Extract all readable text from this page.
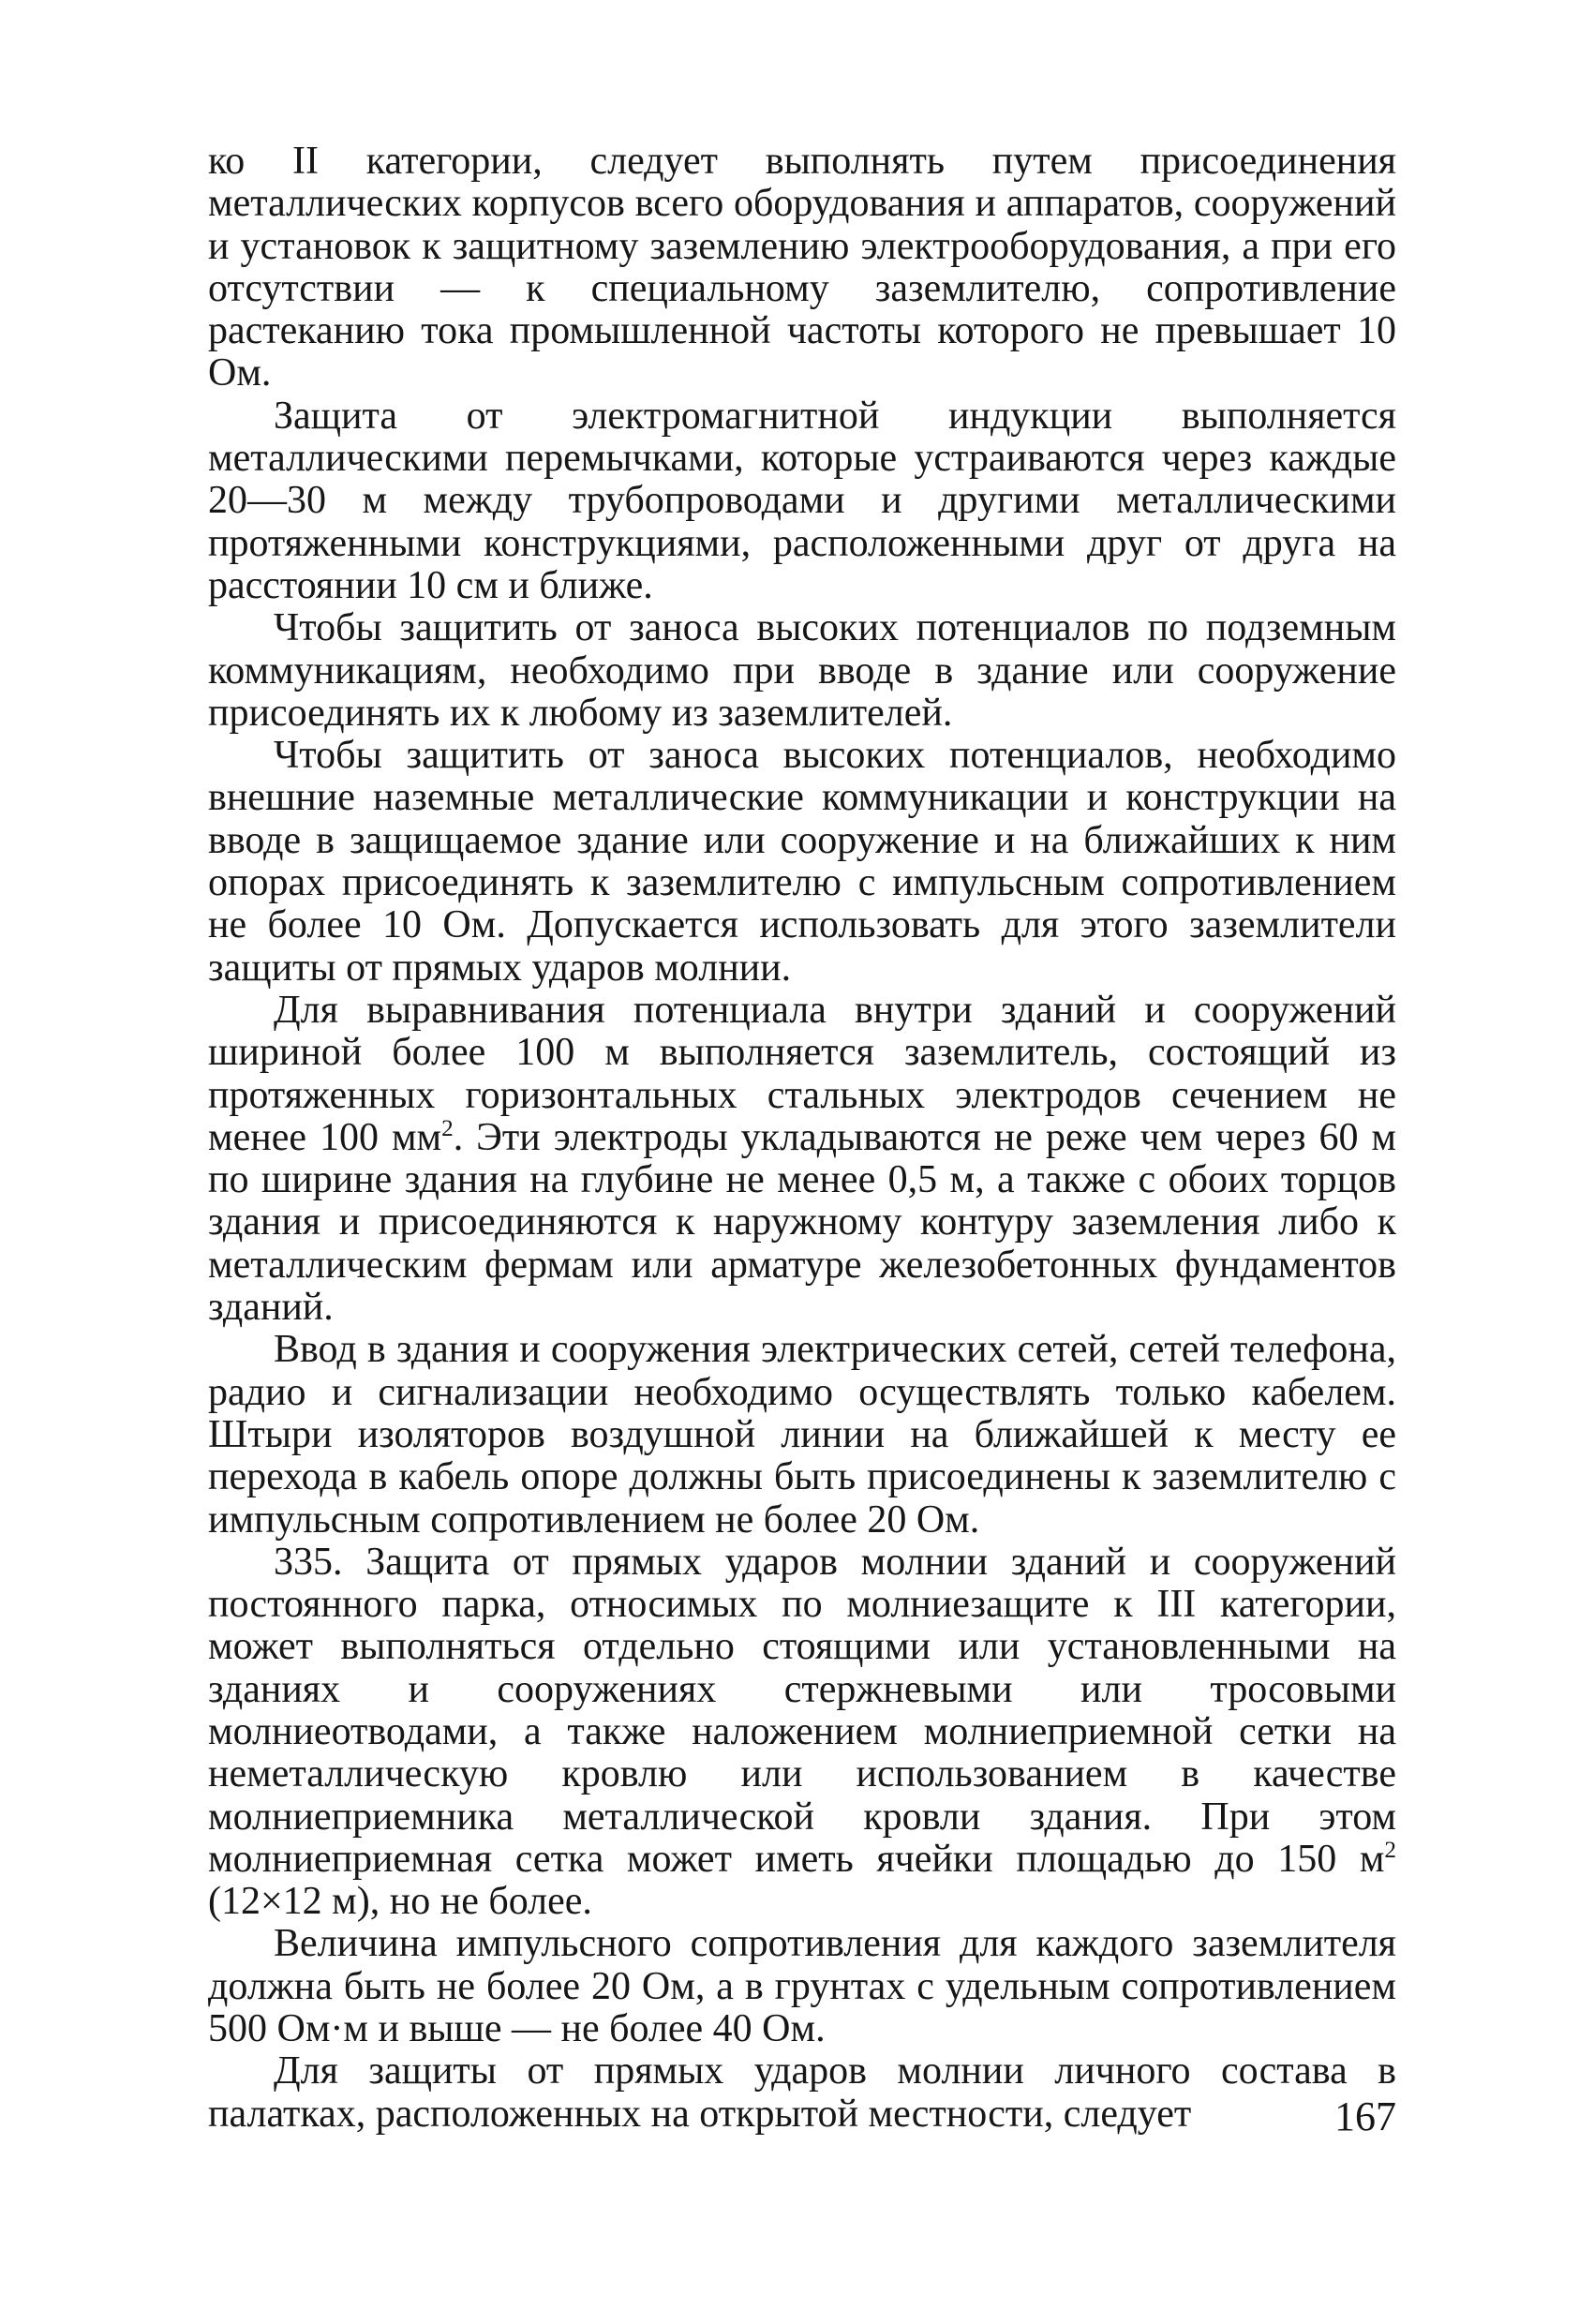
ко II категории, следует выполнять путем присоединения металлических корпусов всего оборудования и аппаратов, сооружений и установок к защитному заземлению электрооборудования, а при его отсутствии — к специальному заземлителю, сопротивление растеканию тока промышленной частоты которого не превышает 10 Ом.

Защита от электромагнитной индукции выполняется металлическими перемычками, которые устраиваются через каждые 20—30 м между трубопроводами и другими металлическими протяженными конструкциями, расположенными друг от друга на расстоянии 10 см и ближе.

Чтобы защитить от заноса высоких потенциалов по подземным коммуникациям, необходимо при вводе в здание или сооружение присоединять их к любому из заземлителей.

Чтобы защитить от заноса высоких потенциалов, необходимо внешние наземные металлические коммуникации и конструкции на вводе в защищаемое здание или сооружение и на ближайших к ним опорах присоединять к заземлителю с импульсным сопротивлением не более 10 Ом. Допускается использовать для этого заземлители защиты от прямых ударов молнии.

Для выравнивания потенциала внутри зданий и сооружений шириной более 100 м выполняется заземлитель, состоящий из протяженных горизонтальных стальных электродов сечением не менее 100 $мм^2$. Эти электроды укладываются не реже чем через 60 м по ширине здания на глубине не менее 0,5 м, а также с обоих торцов здания и присоединяются к наружному контуру заземления либо к металлическим фермам или арматуре железобетонных фундаментов зданий.

Ввод в здания и сооружения электрических сетей, сетей телефона, радио и сигнализации необходимо осуществлять только кабелем. Штыри изоляторов воздушной линии на ближайшей к месту ее перехода в кабель опоре должны быть присоединены к заземлителю с импульсным сопротивлением не более 20 Ом.

335. Защита от прямых ударов молнии зданий и сооружений постоянного парка, относимых по молниезащите к III категории, может выполняться отдельно стоящими или установленными на зданиях и сооружениях стержневыми или тросовыми молниеотводами, а также наложением молниеприемной сетки на неметаллическую кровлю или использованием в качестве молниеприемника металлической кровли здания. При этом молниеприемная сетка может иметь ячейки площадью до 150 $м^2$ (12×12 м), но не более.

Величина импульсного сопротивления для каждого заземлителя должна быть не более 20 Ом, а в грунтах с удельным сопротивлением 500 Ом·м и выше — не более 40 Ом.

Для защиты от прямых ударов молнии личного состава в палатках, расположенных на открытой местности, следует	167
